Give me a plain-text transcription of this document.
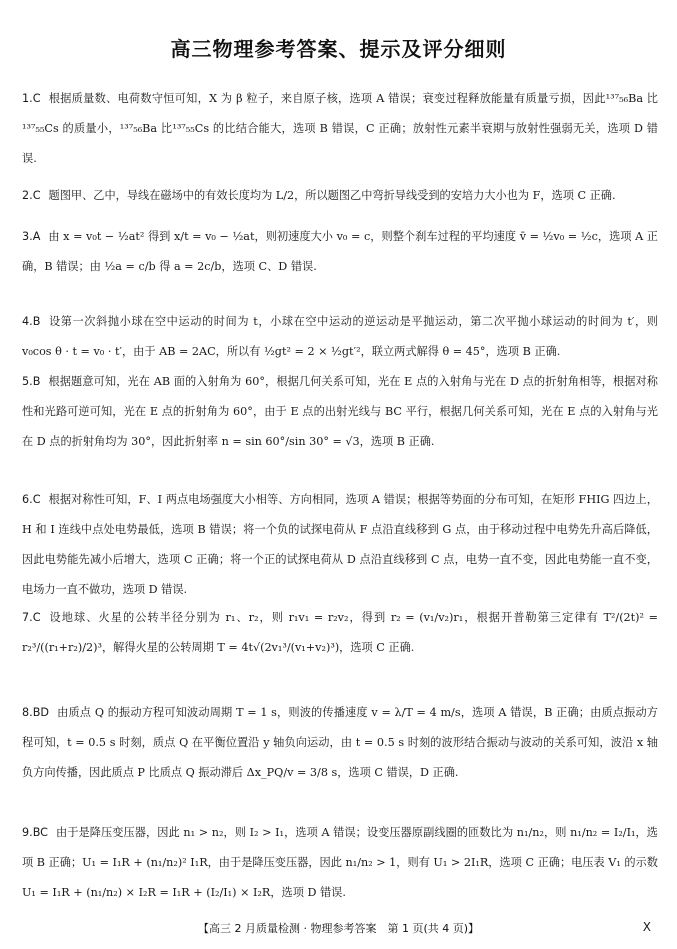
高三物理参考答案、提示及评分细则

1.C 根据质量数、电荷数守恒可知，X 为 β 粒子，来自原子核，选项 A 错误；衰变过程释放能量有质量亏损，因此¹³⁷₅₆Ba 比¹³⁷₅₅Cs 的质量小，¹³⁷₅₆Ba 比¹³⁷₅₅Cs 的比结合能大，选项 B 错误，C 正确；放射性元素半衰期与放射性强弱无关，选项 D 错误.

2.C 题图甲、乙中，导线在磁场中的有效长度均为 L/2，所以题图乙中弯折导线受到的安培力大小也为 F，选项 C 正确.

3.A 由 x = v₀t − ½at² 得到 x/t = v₀ − ½at，则初速度大小 v₀ = c，则整个刹车过程的平均速度 v̄ = ½v₀ = ½c，选项 A 正确，B 错误；由 ½a = c/b 得 a = 2c/b，选项 C、D 错误.

4.B 设第一次斜抛小球在空中运动的时间为 t，小球在空中运动的逆运动是平抛运动，第二次平抛小球运动的时间为 t′，则 v₀cos θ · t = v₀ · t′，由于 AB = 2AC，所以有 ½gt² = 2 × ½gt′²，联立两式解得 θ = 45°，选项 B 正确.

5.B 根据题意可知，光在 AB 面的入射角为 60°，根据几何关系可知，光在 E 点的入射角与光在 D 点的折射角相等，根据对称性和光路可逆可知，光在 E 点的折射角为 60°，由于 E 点的出射光线与 BC 平行，根据几何关系可知，光在 E 点的入射角与光在 D 点的折射角均为 30°，因此折射率 n = sin 60°/sin 30° = √3，选项 B 正确.

6.C 根据对称性可知，F、I 两点电场强度大小相等、方向相同，选项 A 错误；根据等势面的分布可知，在矩形 FHIG 四边上，H 和 I 连线中点处电势最低，选项 B 错误；将一个负的试探电荷从 F 点沿直线移到 G 点，由于移动过程中电势先升高后降低，因此电势能先减小后增大，选项 C 正确；将一个正的试探电荷从 D 点沿直线移到 C 点，电势一直不变，因此电势能一直不变，电场力一直不做功，选项 D 错误.

7.C 设地球、火星的公转半径分别为 r₁、r₂，则 r₁v₁ = r₂v₂，得到 r₂ = (v₁/v₂)r₁，根据开普勒第三定律有 T²/(2t)² = r₂³/((r₁+r₂)/2)³，解得火星的公转周期 T = 4t√(2v₁³/(v₁+v₂)³)，选项 C 正确.

8.BD 由质点 Q 的振动方程可知波动周期 T = 1 s，则波的传播速度 v = λ/T = 4 m/s，选项 A 错误，B 正确；由质点振动方程可知，t = 0.5 s 时刻，质点 Q 在平衡位置沿 y 轴负向运动，由 t = 0.5 s 时刻的波形结合振动与波动的关系可知，波沿 x 轴负方向传播，因此质点 P 比质点 Q 振动滞后 Δx_PQ/v = 3/8 s，选项 C 错误，D 正确.

9.BC 由于是降压变压器，因此 n₁ > n₂，则 I₂ > I₁，选项 A 错误；设变压器原副线圈的匝数比为 n₁/n₂，则 n₁/n₂ = I₂/I₁，选项 B 正确；U₁ = I₁R + (n₁/n₂)² I₁R，由于是降压变压器，因此 n₁/n₂ > 1，则有 U₁ > 2I₁R，选项 C 正确；电压表 V₁ 的示数 U₁ = I₁R + (n₁/n₂) × I₂R = I₁R + (I₂/I₁) × I₂R，选项 D 错误.

【高三 2 月质量检测 · 物理参考答案　第 1 页(共 4 页)】	X
